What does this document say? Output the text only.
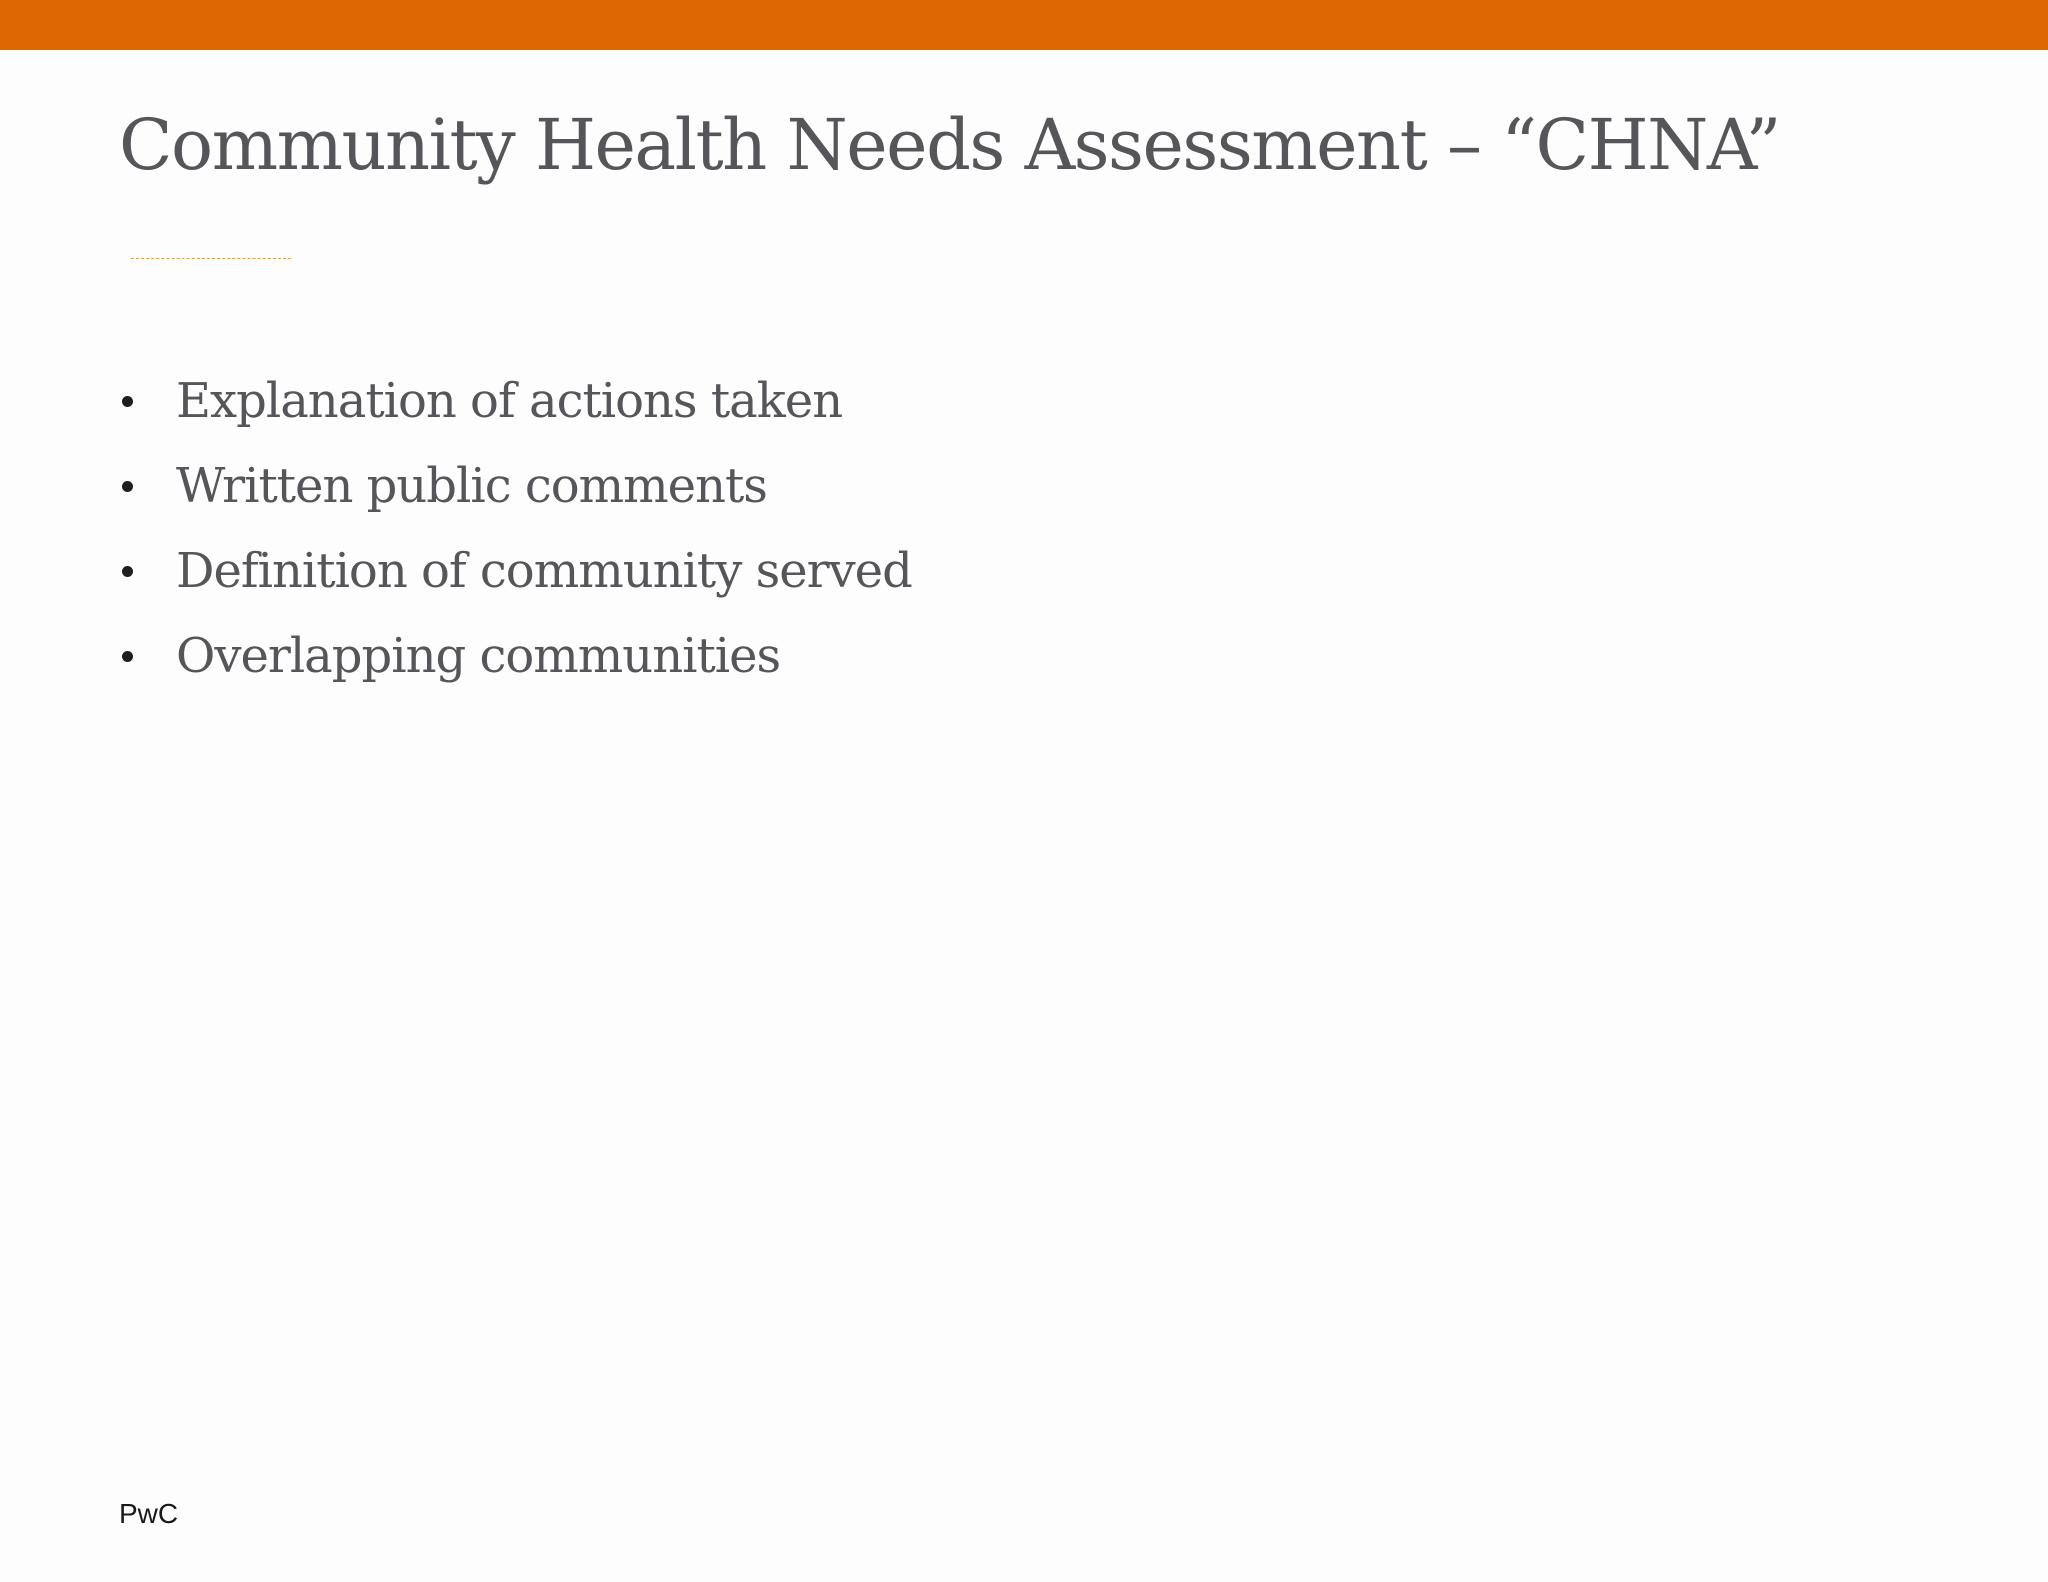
Community Health Needs Assessment – “CHNA”
Explanation of actions taken
Written public comments
Definition of community served
Overlapping communities
PwC
